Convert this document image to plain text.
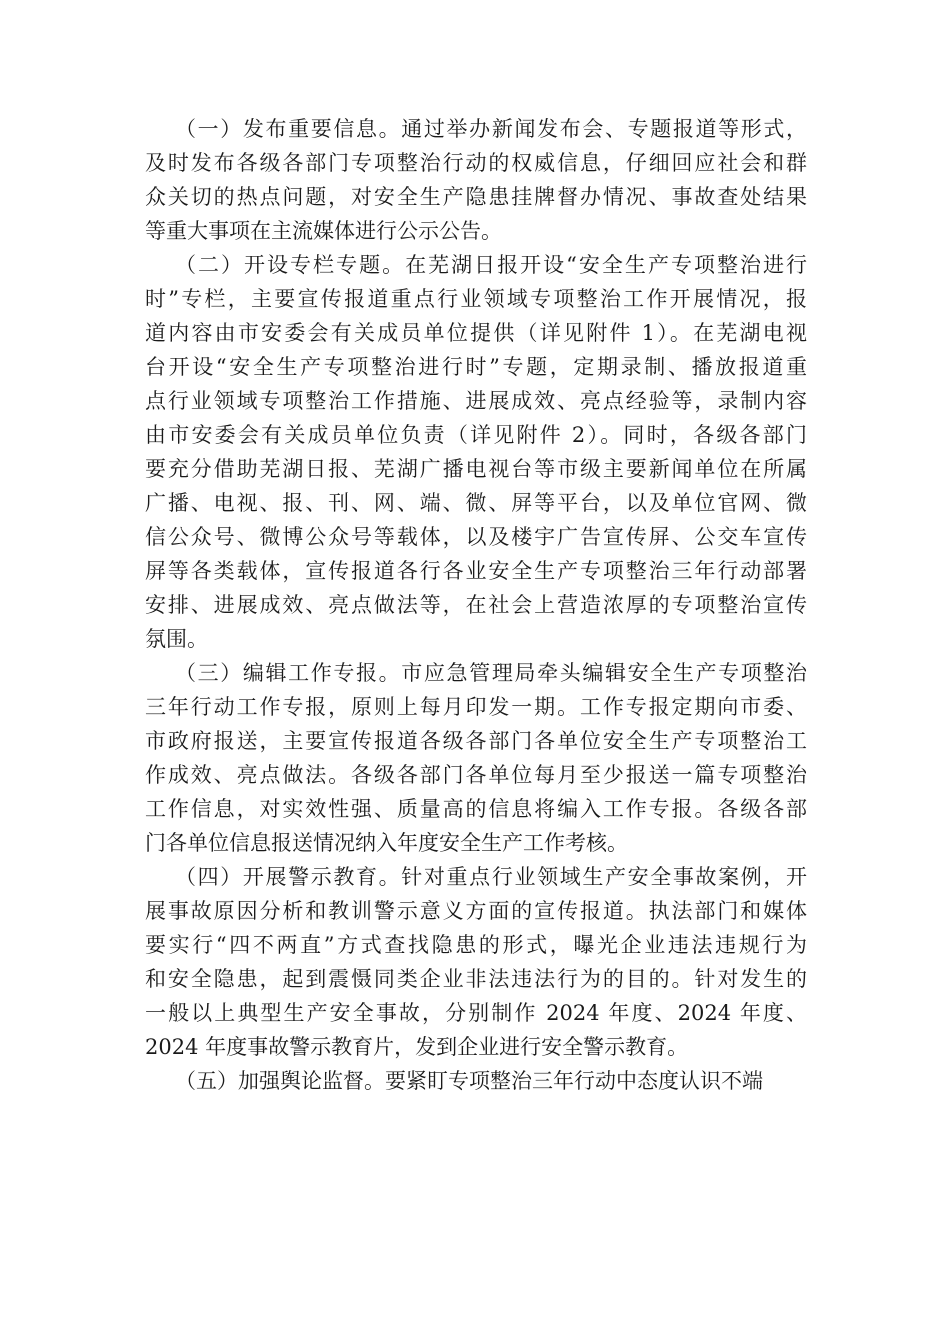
（一）发布重要信息。通过举办新闻发布会、专题报道等形式，
及时发布各级各部门专项整治行动的权威信息，仔细回应社会和群
众关切的热点问题，对安全生产隐患挂牌督办情况、事故查处结果
等重大事项在主流媒体进行公示公告。

（二）开设专栏专题。在芜湖日报开设“安全生产专项整治进行
时”专栏，主要宣传报道重点行业领域专项整治工作开展情况，报
道内容由市安委会有关成员单位提供（详见附件 1）。在芜湖电视
台开设“安全生产专项整治进行时”专题，定期录制、播放报道重
点行业领域专项整治工作措施、进展成效、亮点经验等，录制内容
由市安委会有关成员单位负责（详见附件 2）。同时，各级各部门
要充分借助芜湖日报、芜湖广播电视台等市级主要新闻单位在所属
广播、电视、报、刊、网、端、微、屏等平台，以及单位官网、微
信公众号、微博公众号等载体，以及楼宇广告宣传屏、公交车宣传
屏等各类载体，宣传报道各行各业安全生产专项整治三年行动部署
安排、进展成效、亮点做法等，在社会上营造浓厚的专项整治宣传
氛围。

（三）编辑工作专报。市应急管理局牵头编辑安全生产专项整治
三年行动工作专报，原则上每月印发一期。工作专报定期向市委、
市政府报送，主要宣传报道各级各部门各单位安全生产专项整治工
作成效、亮点做法。各级各部门各单位每月至少报送一篇专项整治
工作信息，对实效性强、质量高的信息将编入工作专报。各级各部
门各单位信息报送情况纳入年度安全生产工作考核。

（四）开展警示教育。针对重点行业领域生产安全事故案例，开
展事故原因分析和教训警示意义方面的宣传报道。执法部门和媒体
要实行“四不两直”方式查找隐患的形式，曝光企业违法违规行为
和安全隐患，起到震慑同类企业非法违法行为的目的。针对发生的
一般以上典型生产安全事故，分别制作 2024 年度、2024 年度、
2024 年度事故警示教育片，发到企业进行安全警示教育。

（五）加强舆论监督。要紧盯专项整治三年行动中态度认识不端
